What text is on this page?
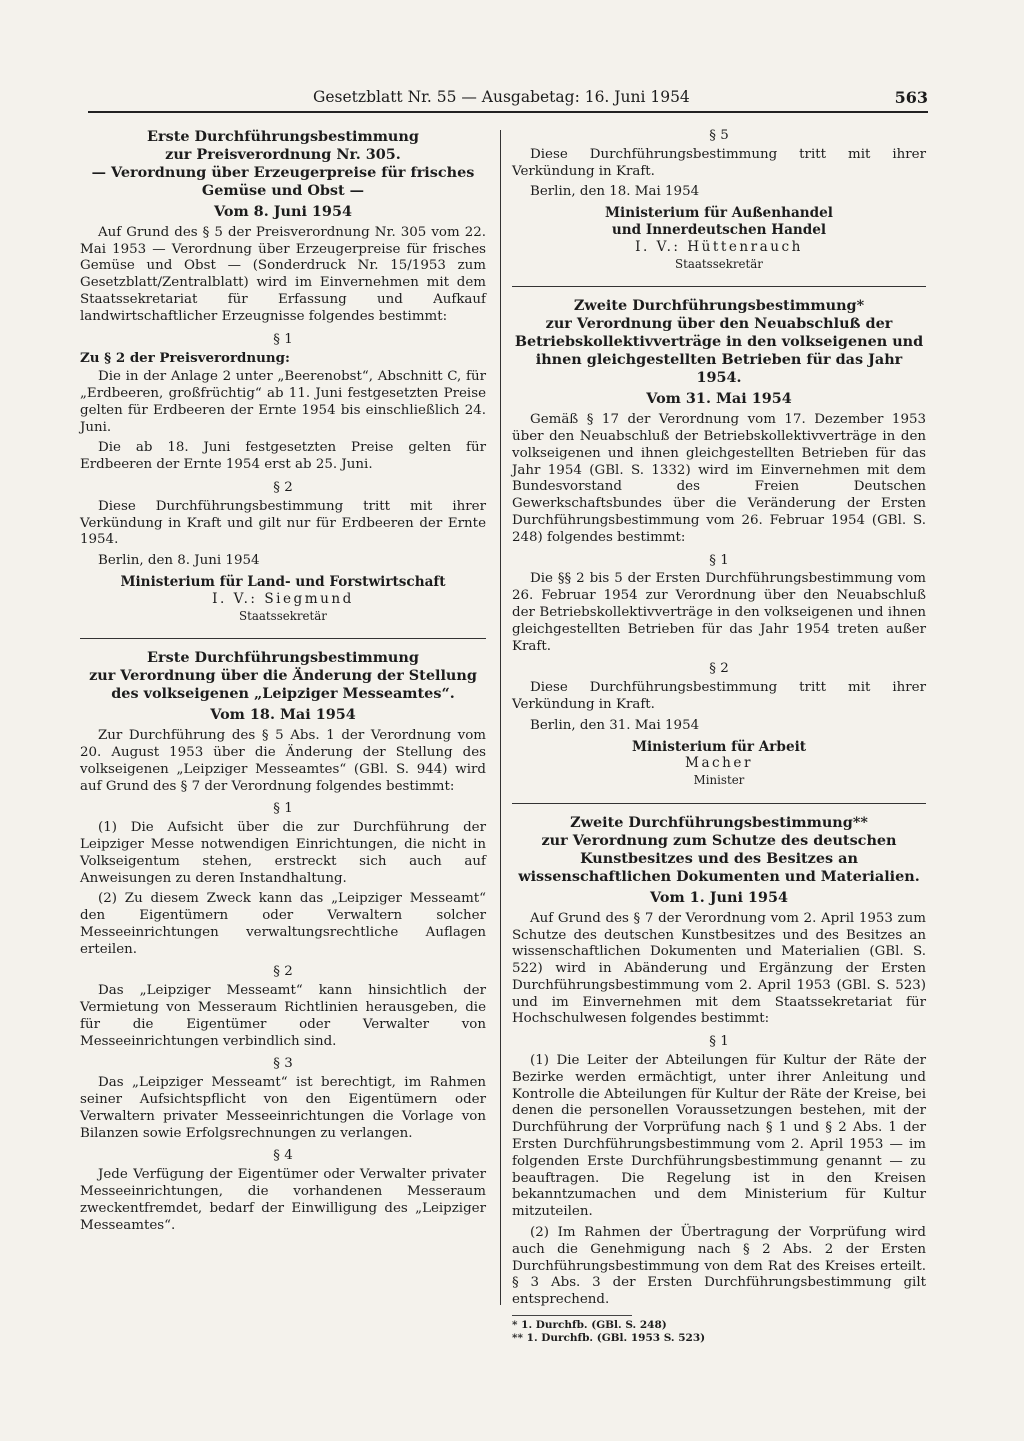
Gesetzblatt Nr. 55 — Ausgabetag: 16. Juni 1954	563
Erste Durchführungsbestimmung
zur Preisverordnung Nr. 305.
— Verordnung über Erzeugerpreise für frisches
Gemüse und Obst —
Vom 8. Juni 1954

Auf Grund des § 5 der Preisverordnung Nr. 305 vom 22. Mai 1953 — Verordnung über Erzeugerpreise für frisches Gemüse und Obst — (Sonderdruck Nr. 15/1953 zum Gesetzblatt/Zentralblatt) wird im Einvernehmen mit dem Staatssekretariat für Erfassung und Aufkauf landwirtschaftlicher Erzeugnisse folgendes bestimmt:

§ 1
Zu § 2 der Preisverordnung:

Die in der Anlage 2 unter „Beerenobst“, Abschnitt C, für „Erdbeeren, großfrüchtig“ ab 11. Juni festgesetzten Preise gelten für Erdbeeren der Ernte 1954 bis einschließlich 24. Juni.

Die ab 18. Juni festgesetzten Preise gelten für Erdbeeren der Ernte 1954 erst ab 25. Juni.

§ 2

Diese Durchführungsbestimmung tritt mit ihrer Verkündung in Kraft und gilt nur für Erdbeeren der Ernte 1954.

Berlin, den 8. Juni 1954
Ministerium für Land- und Forstwirtschaft
I. V.: Siegmund
Staatssekretär
Erste Durchführungsbestimmung
zur Verordnung über die Änderung der Stellung
des volkseigenen „Leipziger Messeamtes“.
Vom 18. Mai 1954

Zur Durchführung des § 5 Abs. 1 der Verordnung vom 20. August 1953 über die Änderung der Stellung des volkseigenen „Leipziger Messeamtes“ (GBl. S. 944) wird auf Grund des § 7 der Verordnung folgendes bestimmt:

§ 1

(1) Die Aufsicht über die zur Durchführung der Leipziger Messe notwendigen Einrichtungen, die nicht in Volkseigentum stehen, erstreckt sich auch auf Anweisungen zu deren Instandhaltung.

(2) Zu diesem Zweck kann das „Leipziger Messeamt“ den Eigentümern oder Verwaltern solcher Messeeinrichtungen verwaltungsrechtliche Auflagen erteilen.

§ 2

Das „Leipziger Messeamt“ kann hinsichtlich der Vermietung von Messeraum Richtlinien herausgeben, die für die Eigentümer oder Verwalter von Messeeinrichtungen verbindlich sind.

§ 3

Das „Leipziger Messeamt“ ist berechtigt, im Rahmen seiner Aufsichtspflicht von den Eigentümern oder Verwaltern privater Messeeinrichtungen die Vorlage von Bilanzen sowie Erfolgsrechnungen zu verlangen.

§ 4

Jede Verfügung der Eigentümer oder Verwalter privater Messeeinrichtungen, die vorhandenen Messeraum zweckentfremdet, bedarf der Einwilligung des „Leipziger Messeamtes“.

§ 5

Diese Durchführungsbestimmung tritt mit ihrer Verkündung in Kraft.

Berlin, den 18. Mai 1954
Ministerium für Außenhandel
und Innerdeutschen Handel
I. V.: Hüttenrauch
Staatssekretär
Zweite Durchführungsbestimmung*
zur Verordnung über den Neuabschluß der Betriebskollektivverträge in den volkseigenen und ihnen gleichgestellten Betrieben für das Jahr 1954.
Vom 31. Mai 1954

Gemäß § 17 der Verordnung vom 17. Dezember 1953 über den Neuabschluß der Betriebskollektivverträge in den volkseigenen und ihnen gleichgestellten Betrieben für das Jahr 1954 (GBl. S. 1332) wird im Einvernehmen mit dem Bundesvorstand des Freien Deutschen Gewerkschaftsbundes über die Veränderung der Ersten Durchführungsbestimmung vom 26. Februar 1954 (GBl. S. 248) folgendes bestimmt:

§ 1

Die §§ 2 bis 5 der Ersten Durchführungsbestimmung vom 26. Februar 1954 zur Verordnung über den Neuabschluß der Betriebskollektivverträge in den volkseigenen und ihnen gleichgestellten Betrieben für das Jahr 1954 treten außer Kraft.

§ 2

Diese Durchführungsbestimmung tritt mit ihrer Verkündung in Kraft.

Berlin, den 31. Mai 1954
Ministerium für Arbeit
Macher
Minister
Zweite Durchführungsbestimmung**
zur Verordnung zum Schutze des deutschen Kunstbesitzes und des Besitzes an wissenschaftlichen Dokumenten und Materialien.
Vom 1. Juni 1954

Auf Grund des § 7 der Verordnung vom 2. April 1953 zum Schutze des deutschen Kunstbesitzes und des Besitzes an wissenschaftlichen Dokumenten und Materialien (GBl. S. 522) wird in Abänderung und Ergänzung der Ersten Durchführungsbestimmung vom 2. April 1953 (GBl. S. 523) und im Einvernehmen mit dem Staatssekretariat für Hochschulwesen folgendes bestimmt:

§ 1

(1) Die Leiter der Abteilungen für Kultur der Räte der Bezirke werden ermächtigt, unter ihrer Anleitung und Kontrolle die Abteilungen für Kultur der Räte der Kreise, bei denen die personellen Voraussetzungen bestehen, mit der Durchführung der Vorprüfung nach § 1 und § 2 Abs. 1 der Ersten Durchführungsbestimmung vom 2. April 1953 — im folgenden Erste Durchführungsbestimmung genannt — zu beauftragen. Die Regelung ist in den Kreisen bekanntzumachen und dem Ministerium für Kultur mitzuteilen.

(2) Im Rahmen der Übertragung der Vorprüfung wird auch die Genehmigung nach § 2 Abs. 2 der Ersten Durchführungsbestimmung von dem Rat des Kreises erteilt. § 3 Abs. 3 der Ersten Durchführungsbestimmung gilt entsprechend.

* 1. Durchfb. (GBl. S. 248)
** 1. Durchfb. (GBl. 1953 S. 523)
